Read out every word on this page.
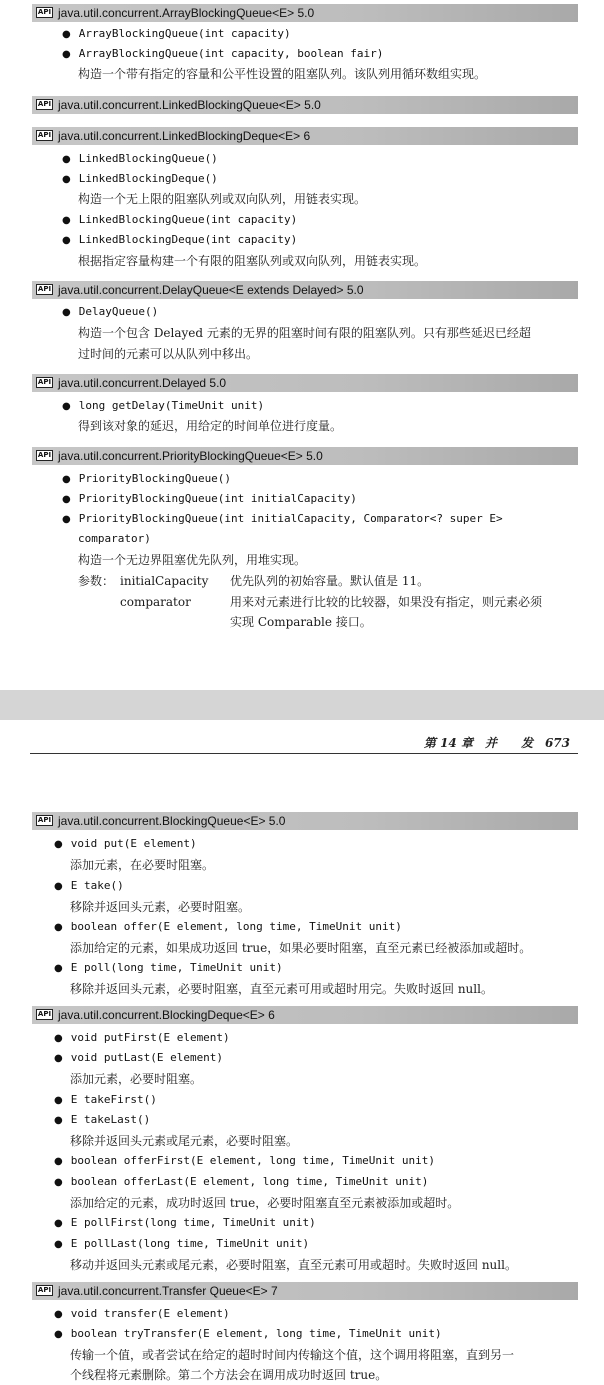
API java.util.concurrent.ArrayBlockingQueue<E> 5.0
● ArrayBlockingQueue(int capacity)
● ArrayBlockingQueue(int capacity, boolean fair)
构造一个带有指定的容量和公平性设置的阻塞队列。该队列用循环数组实现。
API java.util.concurrent.LinkedBlockingQueue<E> 5.0
API java.util.concurrent.LinkedBlockingDeque<E> 6
● LinkedBlockingQueue()
● LinkedBlockingDeque()
构造一个无上限的阻塞队列或双向队列，用链表实现。
● LinkedBlockingQueue(int capacity)
● LinkedBlockingDeque(int capacity)
根据指定容量构建一个有限的阻塞队列或双向队列，用链表实现。
API java.util.concurrent.DelayQueue<E extends Delayed> 5.0
● DelayQueue()
构造一个包含 Delayed 元素的无界的阻塞时间有限的阻塞队列。只有那些延迟已经超
过时间的元素可以从队列中移出。
API java.util.concurrent.Delayed 5.0
● long getDelay(TimeUnit unit)
得到该对象的延迟，用给定的时间单位进行度量。
API java.util.concurrent.PriorityBlockingQueue<E> 5.0
● PriorityBlockingQueue()
● PriorityBlockingQueue(int initialCapacity)
● PriorityBlockingQueue(int initialCapacity, Comparator<? super E>
comparator)
构造一个无边界阻塞优先队列，用堆实现。
参数： initialCapacity 优先队列的初始容量。默认值是 11。
comparator	用来对元素进行比较的比较器，如果没有指定，则元素必须
实现 Comparable 接口。
第 14 章　并　　发　673
API java.util.concurrent.BlockingQueue<E> 5.0
● void put(E element)
添加元素，在必要时阻塞。
● E take()
移除并返回头元素，必要时阻塞。
● boolean offer(E element, long time, TimeUnit unit)
添加给定的元素，如果成功返回 true，如果必要时阻塞，直至元素已经被添加或超时。
● E poll(long time, TimeUnit unit)
移除并返回头元素，必要时阻塞，直至元素可用或超时用完。失败时返回 null。
API java.util.concurrent.BlockingDeque<E> 6
● void putFirst(E element)
● void putLast(E element)
添加元素，必要时阻塞。
● E takeFirst()
● E takeLast()
移除并返回头元素或尾元素，必要时阻塞。
● boolean offerFirst(E element, long time, TimeUnit unit)
● boolean offerLast(E element, long time, TimeUnit unit)
添加给定的元素，成功时返回 true，必要时阻塞直至元素被添加或超时。
● E pollFirst(long time, TimeUnit unit)
● E pollLast(long time, TimeUnit unit)
移动并返回头元素或尾元素，必要时阻塞，直至元素可用或超时。失败时返回 null。
API java.util.concurrent.Transfer Queue<E> 7
● void transfer(E element)
● boolean tryTransfer(E element, long time, TimeUnit unit)
传输一个值，或者尝试在给定的超时时间内传输这个值，这个调用将阻塞，直到另一
个线程将元素删除。第二个方法会在调用成功时返回 true。
